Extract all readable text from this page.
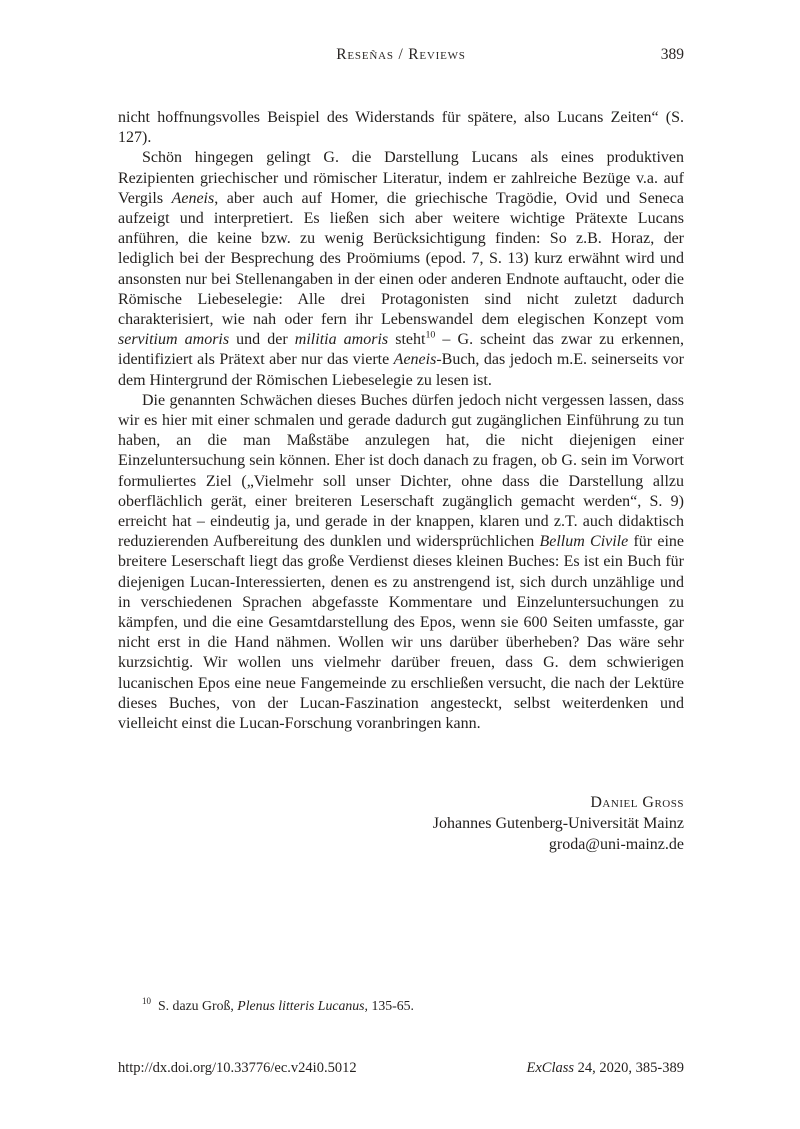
Reseñas / Reviews	389

nicht hoffnungsvolles Beispiel des Widerstands für spätere, also Lucans Zeiten“ (S. 127).

Schön hingegen gelingt G. die Darstellung Lucans als eines produktiven Rezipienten griechischer und römischer Literatur, indem er zahlreiche Bezüge v.a. auf Vergils Aeneis, aber auch auf Homer, die griechische Tragödie, Ovid und Seneca aufzeigt und interpretiert. Es ließen sich aber weitere wichtige Prätexte Lucans anführen, die keine bzw. zu wenig Berücksichtigung finden: So z.B. Horaz, der lediglich bei der Besprechung des Proömiums (epod. 7, S. 13) kurz erwähnt wird und ansonsten nur bei Stellenangaben in der einen oder anderen Endnote auftaucht, oder die Römische Liebeselegie: Alle drei Protagonisten sind nicht zuletzt dadurch charakterisiert, wie nah oder fern ihr Lebenswandel dem elegischen Konzept vom servitium amoris und der militia amoris steht$^{10}$ – G. scheint das zwar zu erkennen, identifiziert als Prätext aber nur das vierte Aeneis-Buch, das jedoch m.E. seinerseits vor dem Hintergrund der Römischen Liebeselegie zu lesen ist.

Die genannten Schwächen dieses Buches dürfen jedoch nicht vergessen lassen, dass wir es hier mit einer schmalen und gerade dadurch gut zugänglichen Einführung zu tun haben, an die man Maßstäbe anzulegen hat, die nicht diejenigen einer Einzeluntersuchung sein können. Eher ist doch danach zu fragen, ob G. sein im Vorwort formuliertes Ziel („Vielmehr soll unser Dichter, ohne dass die Darstellung allzu oberflächlich gerät, einer breiteren Leserschaft zugänglich gemacht werden“, S. 9) erreicht hat – eindeutig ja, und gerade in der knappen, klaren und z.T. auch didaktisch reduzierenden Aufbereitung des dunklen und widersprüchlichen Bellum Civile für eine breitere Leserschaft liegt das große Verdienst dieses kleinen Buches: Es ist ein Buch für diejenigen Lucan-Interessierten, denen es zu anstrengend ist, sich durch unzählige und in verschiedenen Sprachen abgefasste Kommentare und Einzeluntersuchungen zu kämpfen, und die eine Gesamtdarstellung des Epos, wenn sie 600 Seiten umfasste, gar nicht erst in die Hand nähmen. Wollen wir uns darüber überheben? Das wäre sehr kurzsichtig. Wir wollen uns vielmehr darüber freuen, dass G. dem schwierigen lucanischen Epos eine neue Fangemeinde zu erschließen versucht, die nach der Lektüre dieses Buches, von der Lucan-Faszination angesteckt, selbst weiterdenken und vielleicht einst die Lucan-Forschung voranbringen kann.

Daniel Gross
Johannes Gutenberg-Universität Mainz
groda@uni-mainz.de
$^{10}$ S. dazu Groß, Plenus litteris Lucanus, 135-65.
http://dx.doi.org/10.33776/ec.v24i0.5012	ExClass 24, 2020, 385-389
